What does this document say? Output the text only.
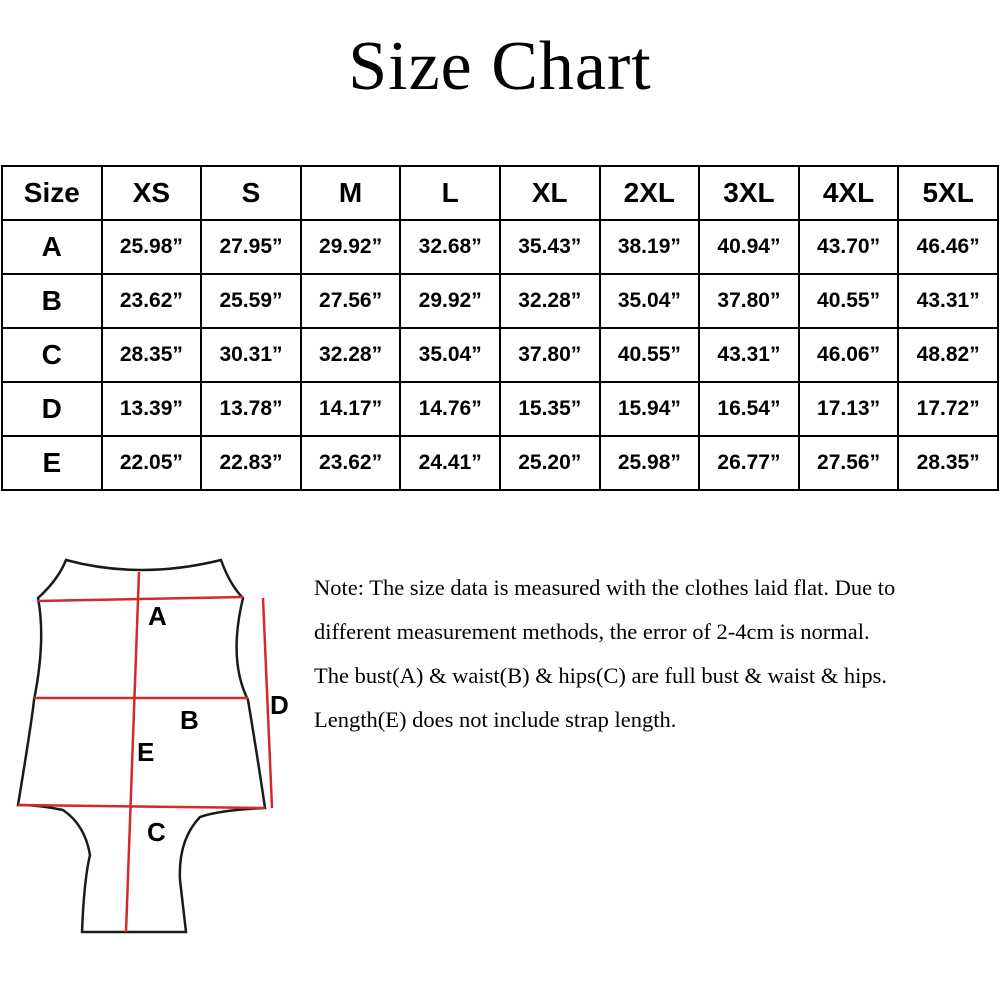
Size Chart
Size	XS	S	M	L	XL	2XL	3XL	4XL	5XL
A	25.98”	27.95”	29.92”	32.68”	35.43”	38.19”	40.94”	43.70”	46.46”
B	23.62”	25.59”	27.56”	29.92”	32.28”	35.04”	37.80”	40.55”	43.31”
C	28.35”	30.31”	32.28”	35.04”	37.80”	40.55”	43.31”	46.06”	48.82”
D	13.39”	13.78”	14.17”	14.76”	15.35”	15.94”	16.54”	17.13”	17.72”
E	22.05”	22.83”	23.62”	24.41”	25.20”	25.98”	26.77”	27.56”	28.35”
A
B	D
E
C

Note: The size data is measured with the clothes laid flat. Due to

different measurement methods, the error of 2-4cm is normal.

The bust(A) & waist(B) & hips(C) are full bust & waist & hips.

Length(E) does not include strap length.
